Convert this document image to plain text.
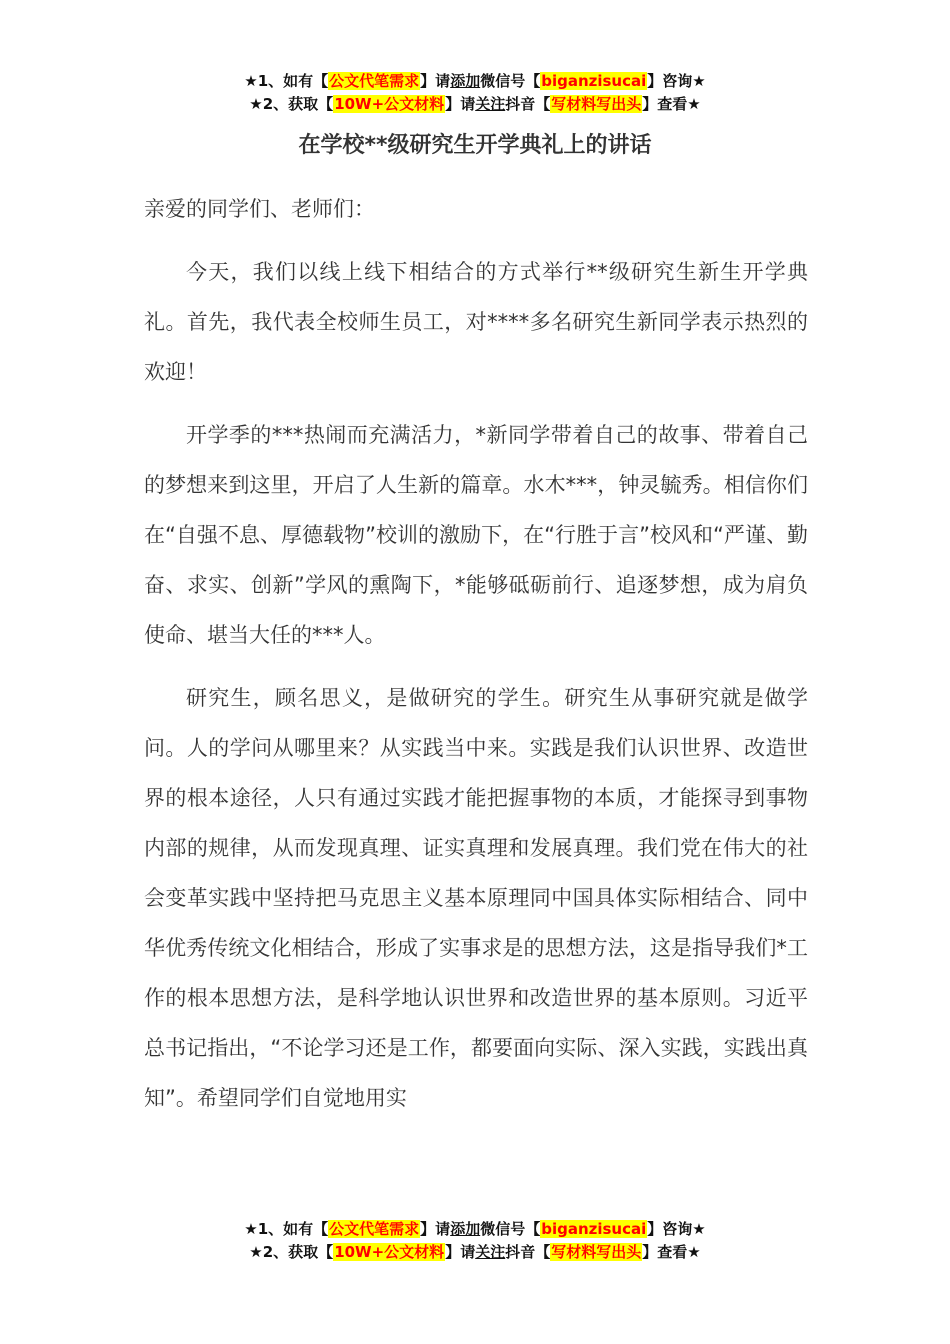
★1、如有【公文代笔需求】请添加微信号【biganzisucai】咨询★
★2、获取【10W+公文材料】请关注抖音【写材料写出头】查看★
在学校**级研究生开学典礼上的讲话
亲爱的同学们、老师们：

今天，我们以线上线下相结合的方式举行**级研究生新生开学典礼。首先，我代表全校师生员工，对****多名研究生新同学表示热烈的欢迎！

开学季的***热闹而充满活力，*新同学带着自己的故事、带着自己的梦想来到这里，开启了人生新的篇章。水木***，钟灵毓秀。相信你们在“自强不息、厚德载物”校训的激励下，在“行胜于言”校风和“严谨、勤奋、求实、创新”学风的熏陶下，*能够砥砺前行、追逐梦想，成为肩负使命、堪当大任的***人。

研究生，顾名思义，是做研究的学生。研究生从事研究就是做学问。人的学问从哪里来？从实践当中来。实践是我们认识世界、改造世界的根本途径，人只有通过实践才能把握事物的本质，才能探寻到事物内部的规律，从而发现真理、证实真理和发展真理。我们党在伟大的社会变革实践中坚持把马克思主义基本原理同中国具体实际相结合、同中华优秀传统文化相结合，形成了实事求是的思想方法，这是指导我们*工作的根本思想方法，是科学地认识世界和改造世界的基本原则。习近平总书记指出，“不论学习还是工作，都要面向实际、深入实践，实践出真知”。希望同学们自觉地用实

★1、如有【公文代笔需求】请添加微信号【biganzisucai】咨询★
★2、获取【10W+公文材料】请关注抖音【写材料写出头】查看★
